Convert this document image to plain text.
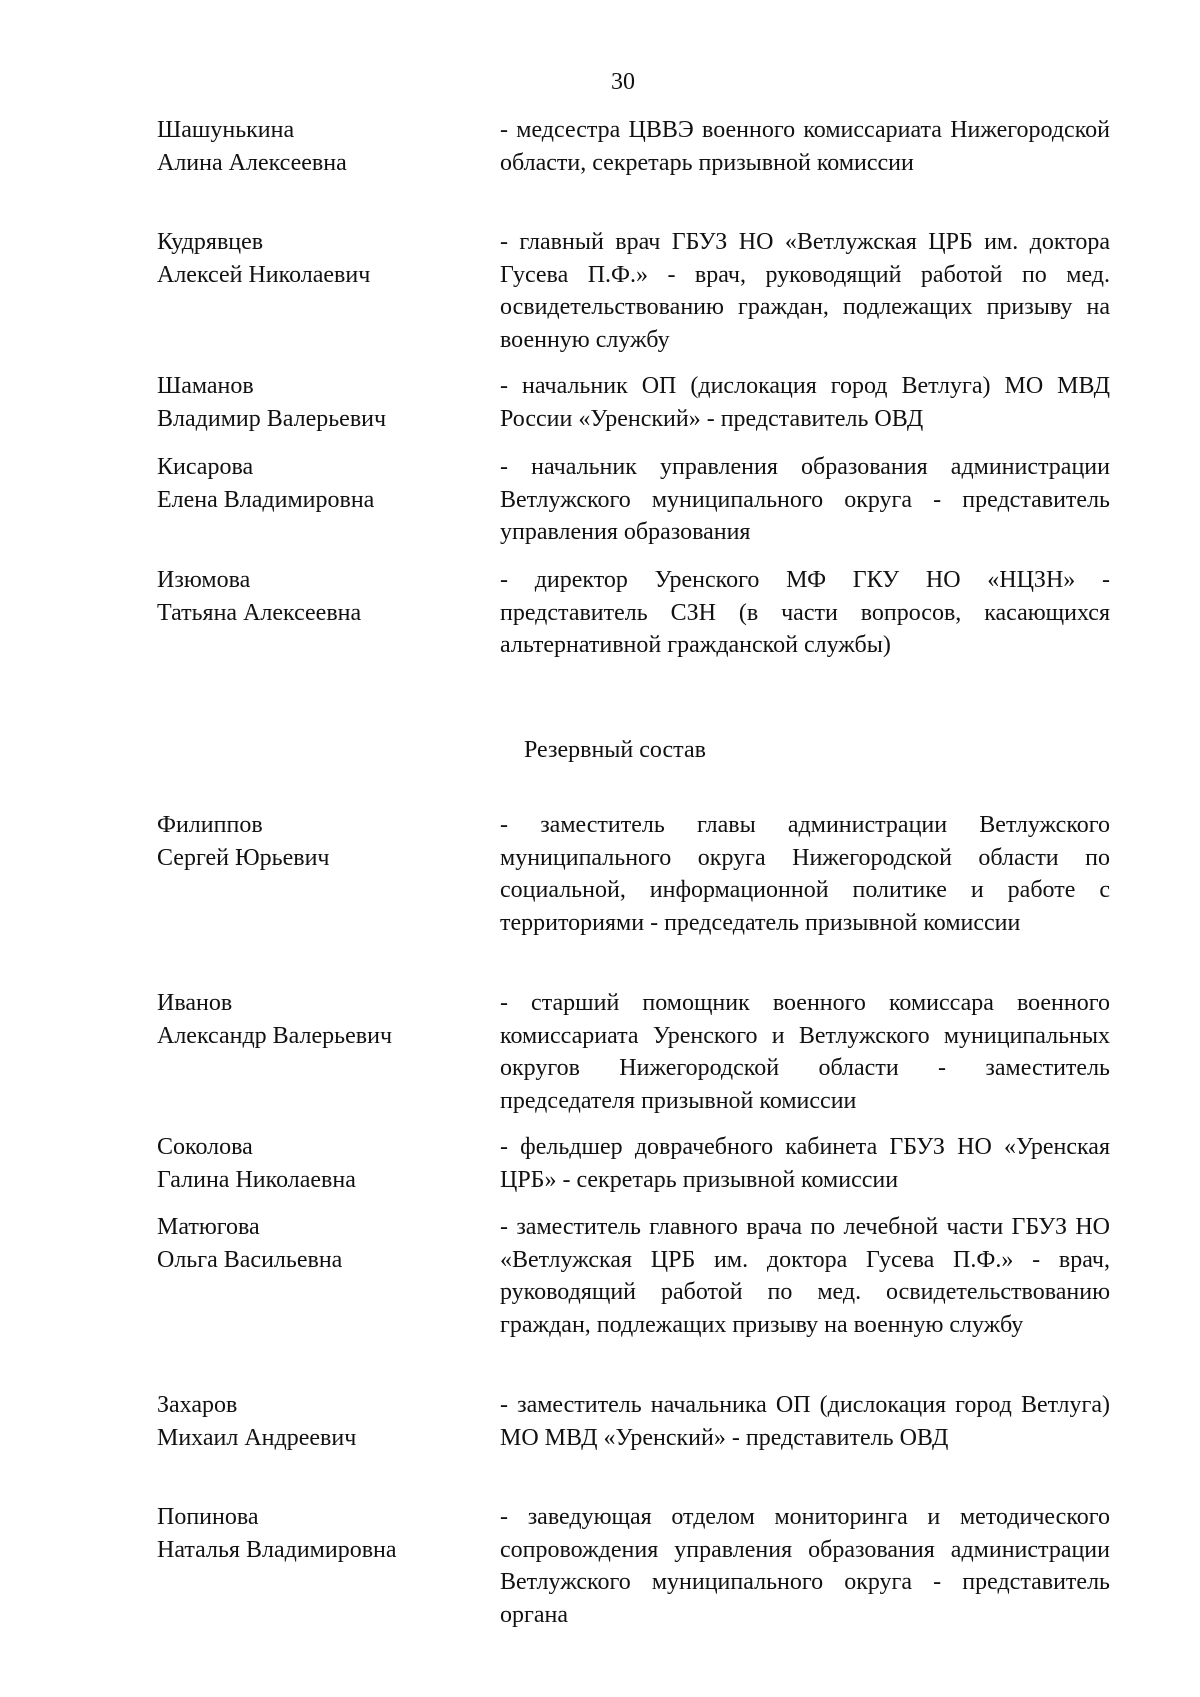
30
Шашунькина
Алина Алексеевна
- медсестра ЦВВЭ военного комиссариата Нижегородской области, секретарь призывной комиссии
Кудрявцев
Алексей Николаевич
- главный врач ГБУЗ НО «Ветлужская ЦРБ им. доктора Гусева П.Ф.» - врач, руководящий работой по мед. освидетельствованию граждан, подлежащих призыву на военную службу
Шаманов
Владимир Валерьевич
- начальник ОП (дислокация город Ветлуга) МО МВД России «Уренский» - представитель ОВД
Кисарова
Елена Владимировна
- начальник управления образования администрации Ветлужского муниципального округа - представитель управления образования
Изюмова
Татьяна Алексеевна
- директор Уренского МФ ГКУ НО «НЦЗН» - представитель СЗН (в части вопросов, касающихся альтернативной гражданской службы)
Резервный состав
Филиппов
Сергей Юрьевич
- заместитель главы администрации Ветлужского муниципального округа Нижегородской области по социальной, информационной политике и работе с территориями - председатель призывной комиссии
Иванов
Александр Валерьевич
- старший помощник военного комиссара военного комиссариата Уренского и Ветлужского муниципальных округов Нижегородской области - заместитель председателя призывной комиссии
Соколова
Галина Николаевна
- фельдшер доврачебного кабинета ГБУЗ НО «Уренская ЦРБ» - секретарь призывной комиссии
Матюгова
Ольга Васильевна
- заместитель главного врача по лечебной части ГБУЗ НО «Ветлужская ЦРБ им. доктора Гусева П.Ф.» - врач, руководящий работой по мед. освидетельствованию граждан, подлежащих призыву на военную службу
Захаров
Михаил Андреевич
- заместитель начальника ОП (дислокация город Ветлуга) МО МВД «Уренский» - представитель ОВД
Попинова
Наталья Владимировна
- заведующая отделом мониторинга и методического сопровождения управления образования администрации Ветлужского муниципального округа - представитель органа
